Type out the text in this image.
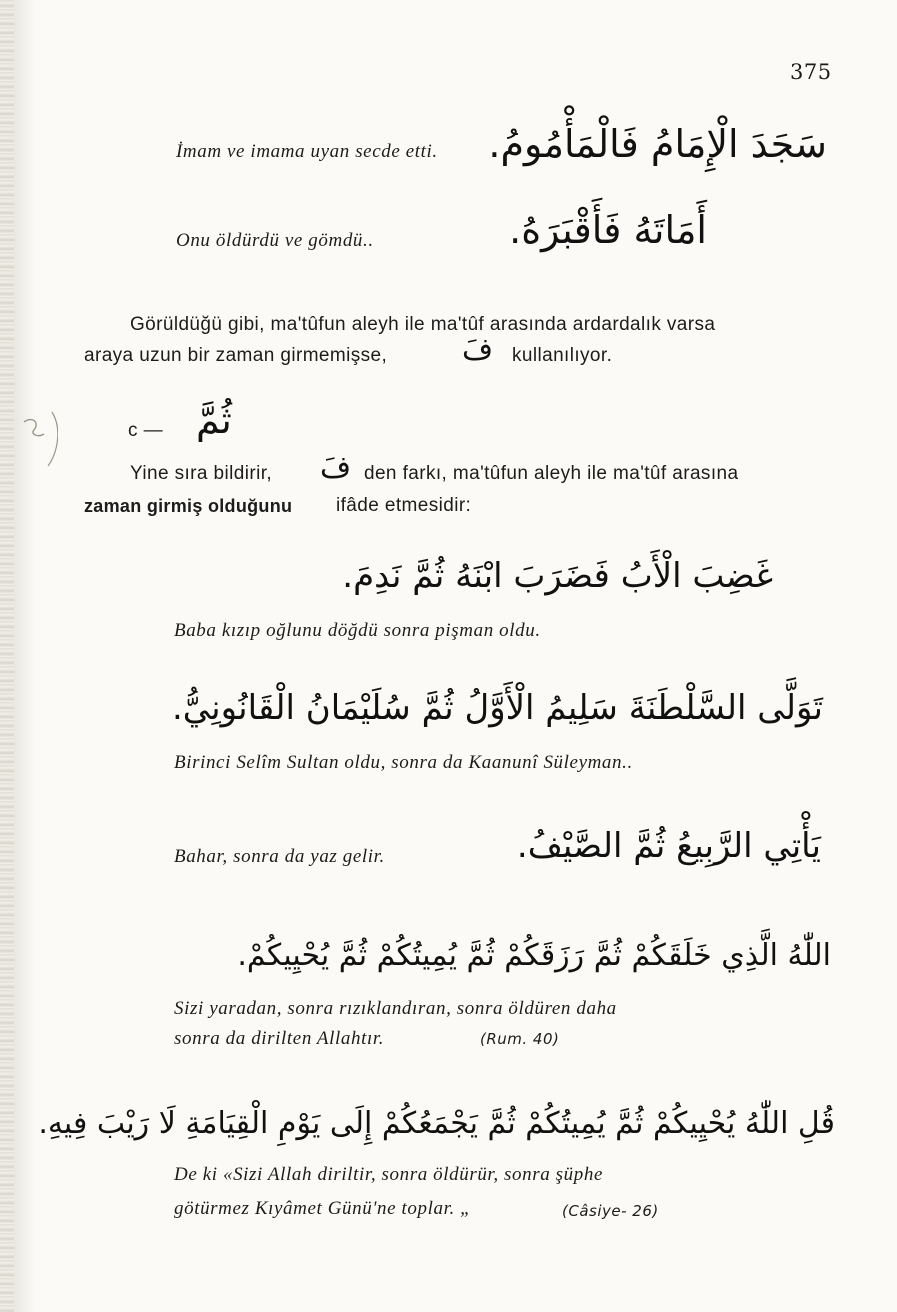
375
İmam ve imama uyan secde etti. سَجَدَ الْإِمَامُ فَالْمَأْمُومُ.
Onu öldürdü ve gömdü..	أَمَاتَهُ فَأَقْبَرَهُ.
Görüldüğü gibi, ma'tûfun aleyh ile ma'tûf arasında ardardalık varsa
araya uzun bir zaman girmemişse, فَ kullanılıyor.
c — ثُمَّ
Yine sıra bildirir, فَ den farkı, ma'tûfun aleyh ile ma'tûf arasına
zaman girmiş olduğunu ifâde etmesidir:
غَضِبَ الْأَبُ فَضَرَبَ ابْنَهُ ثُمَّ نَدِمَ.
Baba kızıp oğlunu döğdü sonra pişman oldu.
تَوَلَّى السَّلْطَنَةَ سَلِيمُ الْأَوَّلُ ثُمَّ سُلَيْمَانُ الْقَانُونِيُّ.
Birinci Selîm Sultan oldu, sonra da Kaanunî Süleyman..
Bahar, sonra da yaz gelir.	يَأْتِي الرَّبِيعُ ثُمَّ الصَّيْفُ.
اللّٰهُ الَّذِي خَلَقَكُمْ ثُمَّ رَزَقَكُمْ ثُمَّ يُمِيتُكُمْ ثُمَّ يُحْيِيكُمْ.
Sizi yaradan, sonra rızıklandıran, sonra öldüren daha
sonra da dirilten Allahtır.	(Rum. 40)
قُلِ اللّٰهُ يُحْيِيكُمْ ثُمَّ يُمِيتُكُمْ ثُمَّ يَجْمَعُكُمْ إِلَى يَوْمِ الْقِيَامَةِ لَا رَيْبَ فِيهِ.
De ki «Sizi Allah diriltir, sonra öldürür, sonra şüphe
götürmez Kıyâmet Günü'ne toplar. „	(Câsiye- 26)
